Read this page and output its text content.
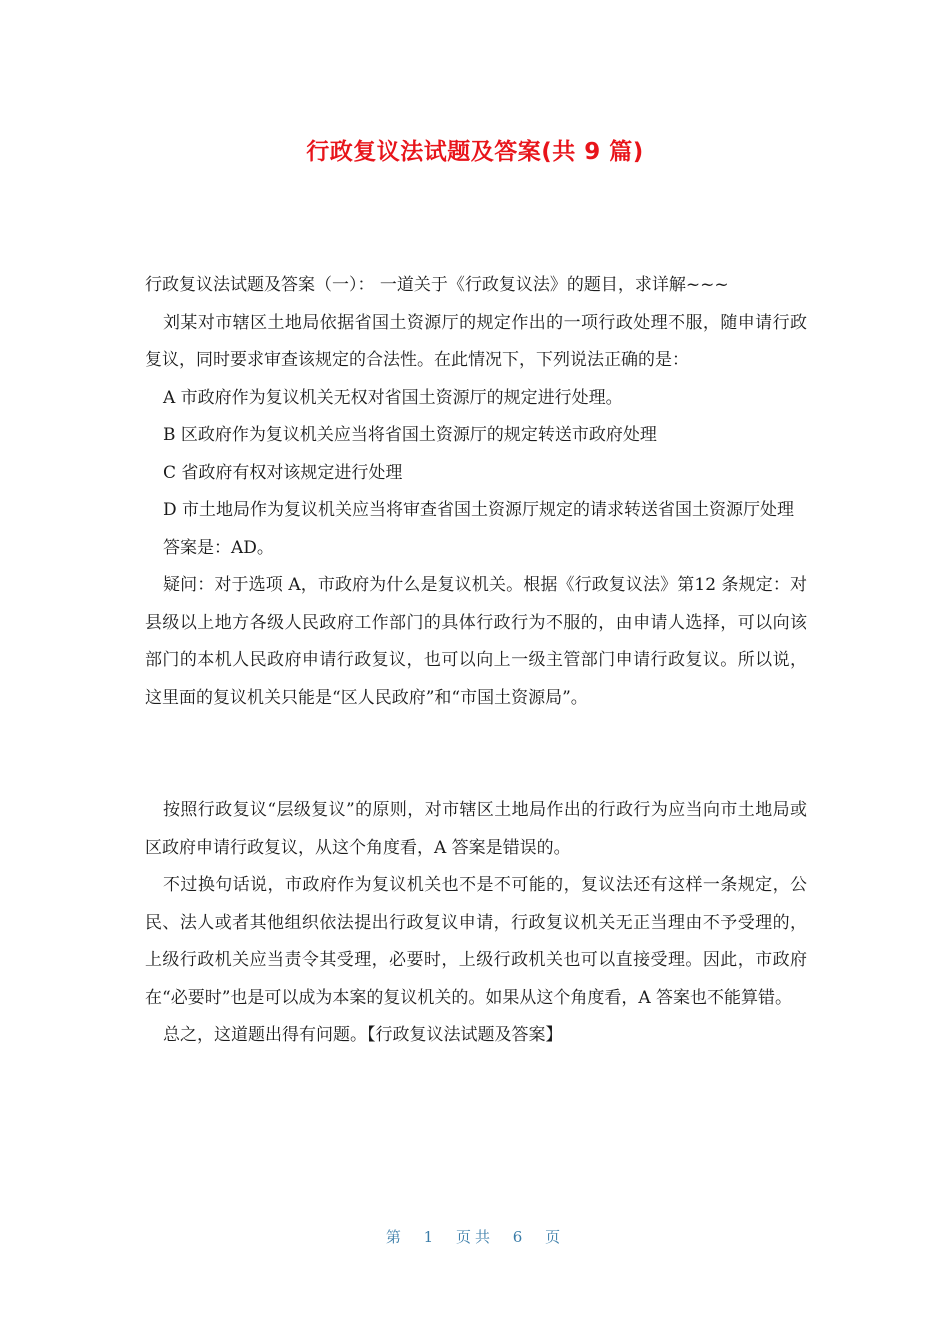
行政复议法试题及答案(共 9 篇)

行政复议法试题及答案（一）： 一道关于《行政复议法》的题目，求详解~~~

刘某对市辖区土地局依据省国土资源厅的规定作出的一项行政处理不服，随申请行政复议，同时要求审查该规定的合法性。在此情况下，下列说法正确的是：

A 市政府作为复议机关无权对省国土资源厅的规定进行处理。

B 区政府作为复议机关应当将省国土资源厅的规定转送市政府处理

C 省政府有权对该规定进行处理

D 市土地局作为复议机关应当将审查省国土资源厅规定的请求转送省国土资源厅处理

答案是：AD。

疑问：对于选项 A，市政府为什么是复议机关。根据《行政复议法》第12 条规定：对县级以上地方各级人民政府工作部门的具体行政行为不服的，由申请人选择，可以向该部门的本机人民政府申请行政复议，也可以向上一级主管部门申请行政复议。所以说，这里面的复议机关只能是“区人民政府”和“市国土资源局”。

按照行政复议“层级复议”的原则，对市辖区土地局作出的行政行为应当向市土地局或区政府申请行政复议，从这个角度看，A 答案是错误的。

不过换句话说，市政府作为复议机关也不是不可能的，复议法还有这样一条规定，公民、法人或者其他组织依法提出行政复议申请，行政复议机关无正当理由不予受理的，上级行政机关应当责令其受理，必要时，上级行政机关也可以直接受理。因此，市政府在“必要时”也是可以成为本案的复议机关的。如果从这个角度看，A 答案也不能算错。

总之，这道题出得有问题。【行政复议法试题及答案】

第 1 页共 6 页
